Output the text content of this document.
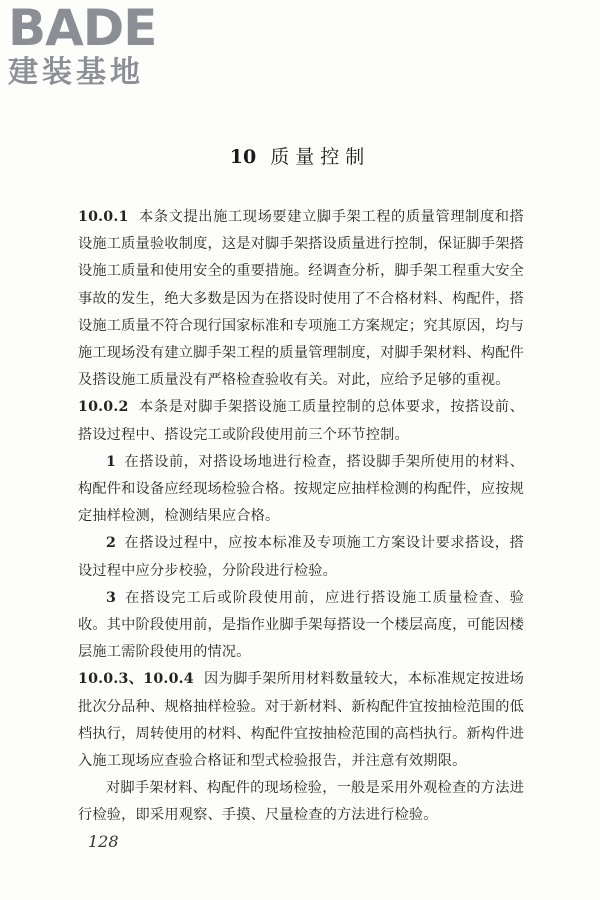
BADE
建装基地
10 质量控制

10.0.1 本条文提出施工现场要建立脚手架工程的质量管理制度和搭设施工质量验收制度，这是对脚手架搭设质量进行控制，保证脚手架搭设施工质量和使用安全的重要措施。经调查分析，脚手架工程重大安全事故的发生，绝大多数是因为在搭设时使用了不合格材料、构配件，搭设施工质量不符合现行国家标准和专项施工方案规定；究其原因，均与施工现场没有建立脚手架工程的质量管理制度，对脚手架材料、构配件及搭设施工质量没有严格检查验收有关。对此，应给予足够的重视。

10.0.2 本条是对脚手架搭设施工质量控制的总体要求，按搭设前、搭设过程中、搭设完工或阶段使用前三个环节控制。

1 在搭设前，对搭设场地进行检查，搭设脚手架所使用的材料、构配件和设备应经现场检验合格。按规定应抽样检测的构配件，应按规定抽样检测，检测结果应合格。

2 在搭设过程中，应按本标准及专项施工方案设计要求搭设，搭设过程中应分步校验，分阶段进行检验。

3 在搭设完工后或阶段使用前，应进行搭设施工质量检查、验收。其中阶段使用前，是指作业脚手架每搭设一个楼层高度，可能因楼层施工需阶段使用的情况。

10.0.3、10.0.4 因为脚手架所用材料数量较大，本标准规定按进场批次分品种、规格抽样检验。对于新材料、新构配件宜按抽检范围的低档执行，周转使用的材料、构配件宜按抽检范围的高档执行。新构件进入施工现场应查验合格证和型式检验报告，并注意有效期限。

对脚手架材料、构配件的现场检验，一般是采用外观检查的方法进行检验，即采用观察、手摸、尺量检查的方法进行检验。

128
